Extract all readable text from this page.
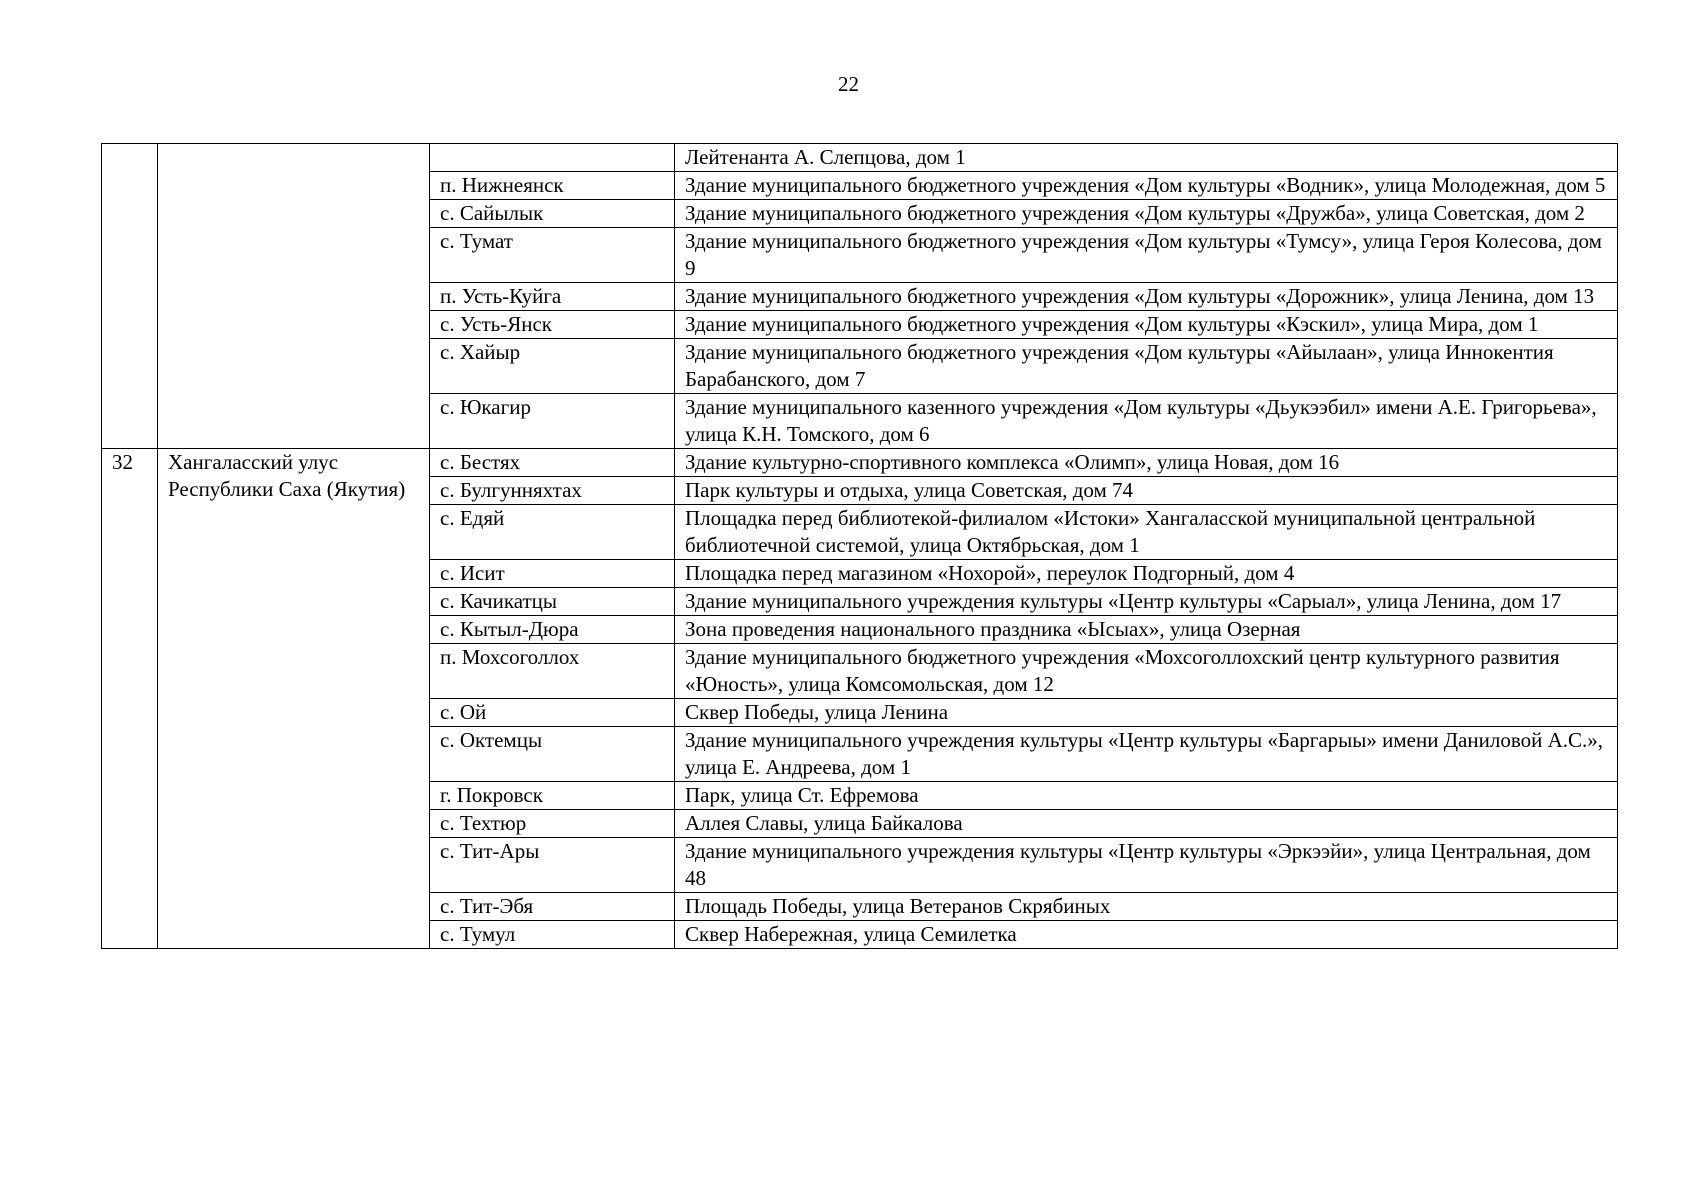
22
			Лейтенанта А. Слепцова, дом 1
		п. Нижнеянск	Здание муниципального бюджетного учреждения «Дом культуры «Водник», улица Молодежная, дом 5
		с. Сайылык	Здание муниципального бюджетного учреждения «Дом культуры «Дружба», улица Советская, дом 2
		с. Тумат	Здание муниципального бюджетного учреждения «Дом культуры «Тумсу», улица Героя Колесова, дом 9
		п. Усть-Куйга	Здание муниципального бюджетного учреждения «Дом культуры «Дорожник», улица Ленина, дом 13
		с. Усть-Янск	Здание муниципального бюджетного учреждения «Дом культуры «Кэскил», улица Мира, дом 1
		с. Хайыр	Здание муниципального бюджетного учреждения «Дом культуры «Айылаан», улица Иннокентия Барабанского, дом 7
		с. Юкагир	Здание муниципального казенного учреждения «Дом культуры «Дьукээбил» имени А.Е. Григорьева», улица К.Н. Томского, дом 6
32	Хангаласский улус Республики Саха (Якутия)	с. Бестях	Здание культурно-спортивного комплекса «Олимп», улица Новая, дом 16
		с. Булгунняхтах	Парк культуры и отдыха, улица Советская, дом 74
		с. Едяй	Площадка перед библиотекой-филиалом «Истоки» Хангаласской муниципальной центральной библиотечной системой, улица Октябрьская, дом 1
		с. Исит	Площадка перед магазином «Нохорой», переулок Подгорный, дом 4
		с. Качикатцы	Здание муниципального учреждения культуры «Центр культуры «Сарыал», улица Ленина, дом 17
		с. Кытыл-Дюра	Зона проведения национального праздника «Ысыах», улица Озерная
		п. Мохсоголлох	Здание муниципального бюджетного учреждения «Мохсоголлохский центр культурного развития «Юность», улица Комсомольская, дом 12
		с. Ой	Сквер Победы, улица Ленина
		с. Октемцы	Здание муниципального учреждения культуры «Центр культуры «Баргарыы» имени Даниловой А.С.», улица Е. Андреева, дом 1
		г. Покровск	Парк, улица Ст. Ефремова
		с. Техтюр	Аллея Славы, улица Байкалова
		с. Тит-Ары	Здание муниципального учреждения культуры «Центр культуры «Эркээйи», улица Центральная, дом 48
		с. Тит-Эбя	Площадь Победы, улица Ветеранов Скрябиных
		с. Тумул	Сквер Набережная, улица Семилетка
